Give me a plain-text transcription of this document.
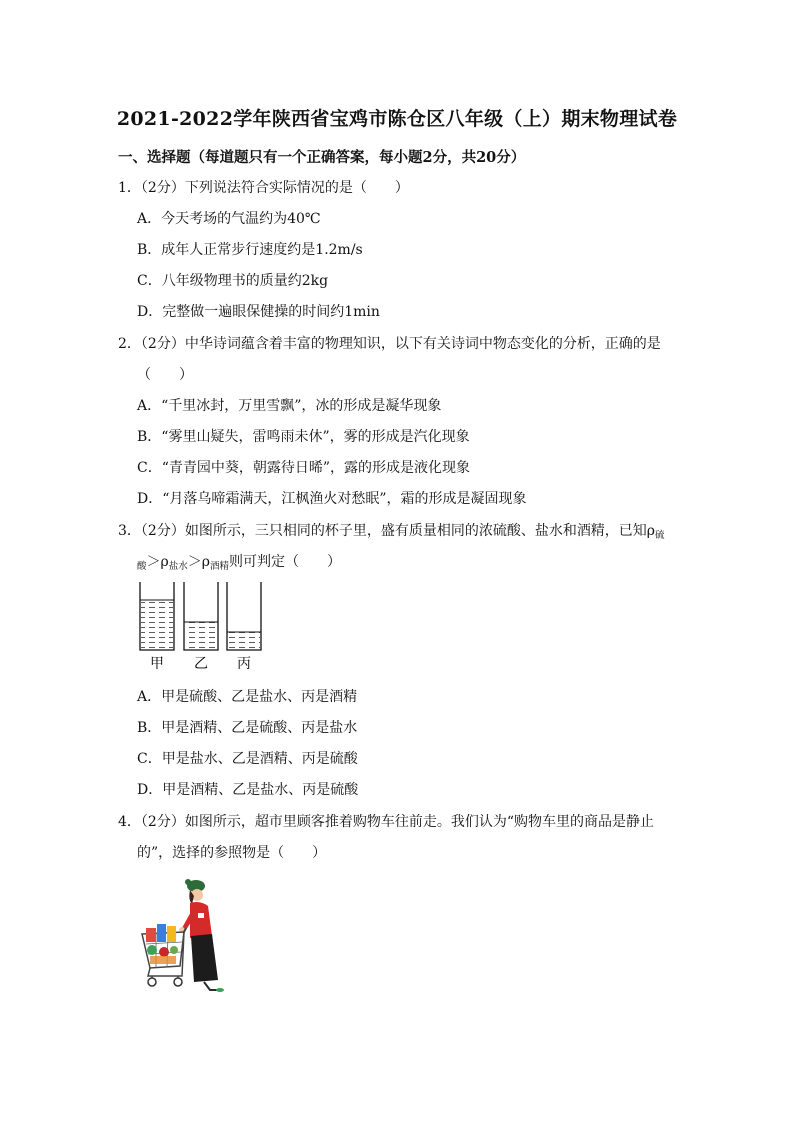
2021-2022学年陕西省宝鸡市陈仓区八年级（上）期末物理试卷
一、选择题（每道题只有一个正确答案，每小题2分，共20分）
1．（2分）下列说法符合实际情况的是（　　）
A．今天考场的气温约为40℃
B．成年人正常步行速度约是1.2m/s
C．八年级物理书的质量约2kg
D．完整做一遍眼保健操的时间约1min
2．（2分）中华诗词蕴含着丰富的物理知识，以下有关诗词中物态变化的分析，正确的是
（　　）
A．“千里冰封，万里雪飘”，冰的形成是凝华现象
B．“雾里山疑失，雷鸣雨未休”，雾的形成是汽化现象
C．“青青园中葵，朝露待日晞”，露的形成是液化现象
D．“月落乌啼霜满天，江枫渔火对愁眠”，霜的形成是凝固现象
3．（2分）如图所示，三只相同的杯子里，盛有质量相同的浓硫酸、盐水和酒精，已知$\rho_硫$
$_酸>\rho_{盐水}>\rho_{酒精}$则可判定（　　）
甲 乙 丙
A．甲是硫酸、乙是盐水、丙是酒精
B．甲是酒精、乙是硫酸、丙是盐水
C．甲是盐水、乙是酒精、丙是硫酸
D．甲是酒精、乙是盐水、丙是硫酸
4．（2分）如图所示，超市里顾客推着购物车往前走。我们认为“购物车里的商品是静止
的”，选择的参照物是（　　）
